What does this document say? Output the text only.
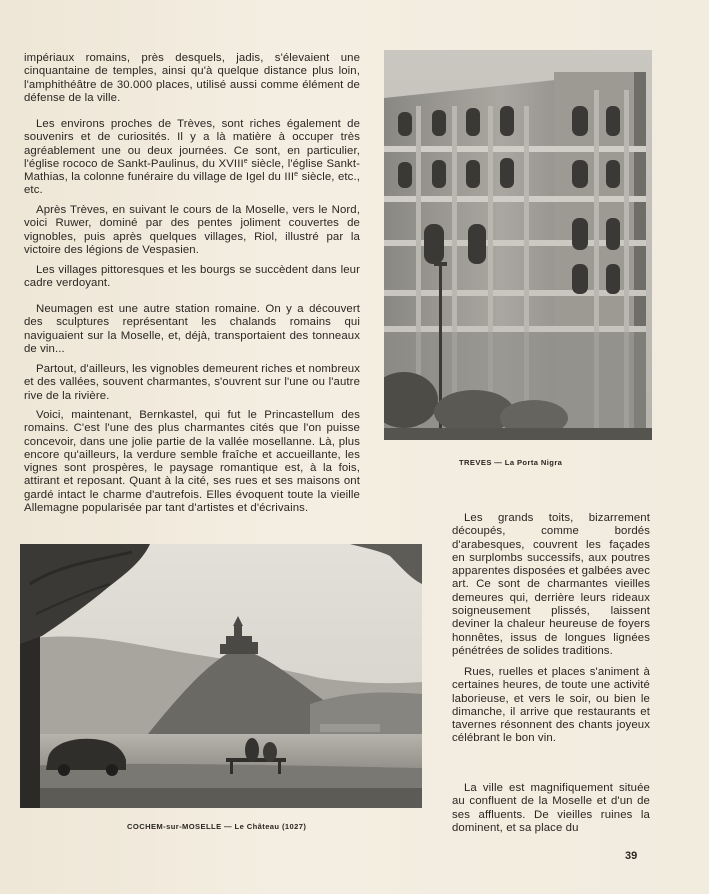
impériaux romains, près desquels, jadis, s'élevaient une cinquantaine de temples, ainsi qu'à quelque distance plus loin, l'amphithéâtre de 30.000 places, utilisé aussi comme élément de défense de la ville.

Les environs proches de Trèves, sont riches également de souvenirs et de curiosités. Il y a là matière à occuper très agréablement une ou deux journées. Ce sont, en particulier, l'église rococo de Sankt-Paulinus, du XVIIIe siècle, l'église Sankt-Mathias, la colonne funéraire du village de Igel du IIIe siècle, etc., etc.

Après Trèves, en suivant le cours de la Moselle, vers le Nord, voici Ruwer, dominé par des pentes joliment couvertes de vignobles, puis après quelques villages, Riol, illustré par la victoire des légions de Vespasien.

Les villages pittoresques et les bourgs se succèdent dans leur cadre verdoyant.

Neumagen est une autre station romaine. On y a découvert des sculptures représentant les chalands romains qui naviguaient sur la Moselle, et, déjà, transportaient des tonneaux de vin...

Partout, d'ailleurs, les vignobles demeurent riches et nombreux et des vallées, souvent charmantes, s'ouvrent sur l'une ou l'autre rive de la rivière.

Voici, maintenant, Bernkastel, qui fut le Princastellum des romains. C'est l'une des plus charmantes cités que l'on puisse concevoir, dans une jolie partie de la vallée mosellanne. Là, plus encore qu'ailleurs, la verdure semble fraîche et accueillante, les vignes sont prospères, le paysage romantique est, à la fois, attirant et reposant. Quant à la cité, ses rues et ses maisons ont gardé intact le charme d'autrefois. Elles évoquent toute la vieille Allemagne popularisée par tant d'artistes et d'écrivains.

TREVES — La Porta Nigra

Les grands toits, bizarrement découpés, comme bordés d'arabesques, couvrent les façades en surplombs successifs, aux poutres apparentes disposées et galbées avec art. Ce sont de charmantes vieilles demeures qui, derrière leurs rideaux soigneusement plissés, laissent deviner la chaleur heureuse de foyers honnêtes, issus de longues lignées pénétrées de solides traditions.

Rues, ruelles et places s'animent à certaines heures, de toute une activité laborieuse, et vers le soir, ou bien le dimanche, il arrive que restaurants et tavernes résonnent des chants joyeux célébrant le bon vin.

La ville est magnifiquement située au confluent de la Moselle et d'un de ses affluents. De vieilles ruines la dominent, et sa place du

COCHEM-sur-MOSELLE — Le Château (1027)

39
